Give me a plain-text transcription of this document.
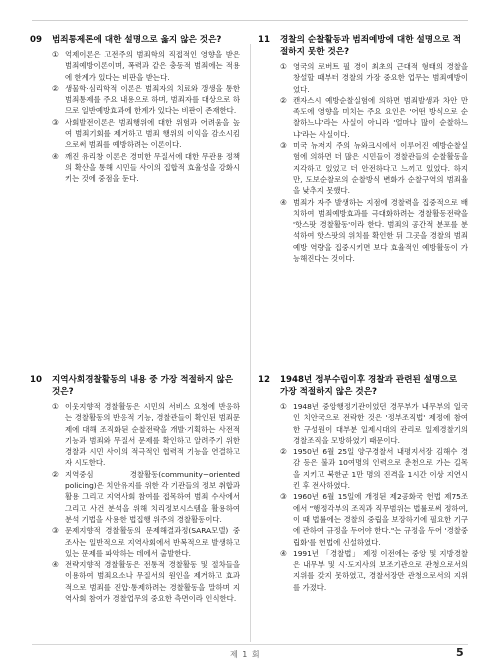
09 범죄통제론에 대한 설명으로 옳지 않은 것은?
① 억제이론은 고전주의 범죄학의 직접적인 영향을 받은 범죄예방이론이며, 폭력과 같은 충동적 범죄에는 적용에 한계가 있다는 비판을 받는다.
② 생물학·심리학적 이론은 범죄자의 치료와 갱생을 통한 범죄통제를 주요 내용으로 하며, 범죄자를 대상으로 하므로 일반예방효과에 한계가 있다는 비판이 존재한다.
③ 사회발전이론은 범죄행위에 대한 위험과 어려움을 높여 범죄기회를 제거하고 범죄 행위의 이익을 감소시킴으로써 범죄를 예방하려는 이론이다.
④ 깨진 유리창 이론은 경미한 무질서에 대한 무관용 정책의 확산을 통해 시민들 사이의 집합적 효율성을 강화시키는 것에 중점을 둔다.
11 경찰의 순찰활동과 범죄예방에 대한 설명으로 적절하지 못한 것은?
① 영국의 로버트 필 경이 최초의 근대적 형태의 경찰을 창설할 때부터 경찰의 가장 중요한 업무는 범죄예방이었다.
② 캔자스시 예방순찰실험에 의하면 범죄발생과 차안 만족도에 영향을 미치는 주요 요인은 '어떤 방식으로 순찰하느냐'라는 사실이 아니라 '얼마나 많이 순찰하느냐'라는 사실이다.
③ 미국 뉴저지 주의 뉴와크시에서 이루어진 예방순찰실험에 의하면 더 많은 시민들이 경찰관들의 순찰활동을 지각하고 있었고 더 안전하다고 느끼고 있었다. 하지만, 도보순찰로의 순찰방식 변화가 순찰구역의 범죄율을 낮추지 못했다.
④ 범죄가 자주 발생하는 지점에 경찰력을 집중적으로 배치하여 범죄예방효과를 극대화하려는 경찰활동전략을 '핫스팟 경찰활동'이라 한다. 범죄의 공간적 분포를 분석하여 핫스팟의 위치를 확인한 뒤 그곳을 경찰의 범죄예방 역량을 집중시키면 보다 효율적인 예방활동이 가능해진다는 것이다.
10 지역사회경찰활동의 내용 중 가장 적절하지 않은 것은?
① 이웃지향적 경찰활동은 시민의 서비스 요청에 반응하는 경찰활동의 반응적 기능, 경찰관들이 확인된 범죄문제에 대해 조직화된 순찰전략을 개발·기획하는 사전적 기능과 범죄와 무질서 문제를 확인하고 알려주기 위한 경찰과 시민 사이의 적극적인 협력적 기능을 연결하고자 시도한다.
② 지역중심 경찰활동(community−oriented policing)은 치안유지를 위한 각 기관들의 정보 취합과 활용 그리고 지역사회 참여를 접목하여 범죄 수사에서 그리고 사건 분석을 위해 치리정보시스템을 활용하여 분석 기법을 사용한 법집행 위주의 경찰활동이다.
③ 문제지향적 경찰활동의 문제해결과정(SARA모델) 중 조사는 일반적으로 지역사회에서 반복적으로 발생하고 있는 문제를 파악하는 데에서 출발한다.
④ 전략지향적 경찰활동은 전통적 경찰활동 및 절차들을 이용하여 범죄요소나 무질서의 원인을 제거하고 효과적으로 범죄를 진압·통제하려는 경찰활동을 말하며 지역사회 참여가 경찰업무의 중요한 측면이라 인식한다.
12 1948년 정부수립이후 경찰과 관련된 설명으로 가장 적절하지 않은 것은?
① 1948년 중앙행정기관이었던 경무부가 내무부의 일국인 치안국으로 전락한 것은 '정부조직법' 제정에 참여한 구성원이 대부분 일제시대의 관리로 일제경찰기의 경찰조직을 모방하였기 때문이다.
② 1950년 6월 25일 양구경찰서 내평지서장 김해수 경감 등은 불과 10여명의 인력으로 춘천으로 가는 길목을 지키고 북한군 1만 명의 진격을 1시간 이상 지연시킨 후 전사하였다.
③ 1960년 6월 15일에 개정된 제2공화국 헌법 제75조에서 "행정각부의 조직과 직무범위는 법률로써 정하여, 이 때 법률에는 경찰의 중립을 보장하기에 필요한 기구에 관하여 규정을 두어야 한다."는 규정을 두어 '경찰중립화'를 헌법에 신설하였다.
④ 1991년 「경찰법」 제정 이전에는 중앙 및 지방경찰은 내무부 및 시·도지사의 보조기관으로 관청으로서의 지위를 갖지 못하였고, 경찰서장만 관청으로서의 지위를 가졌다.
제 1 회	5
